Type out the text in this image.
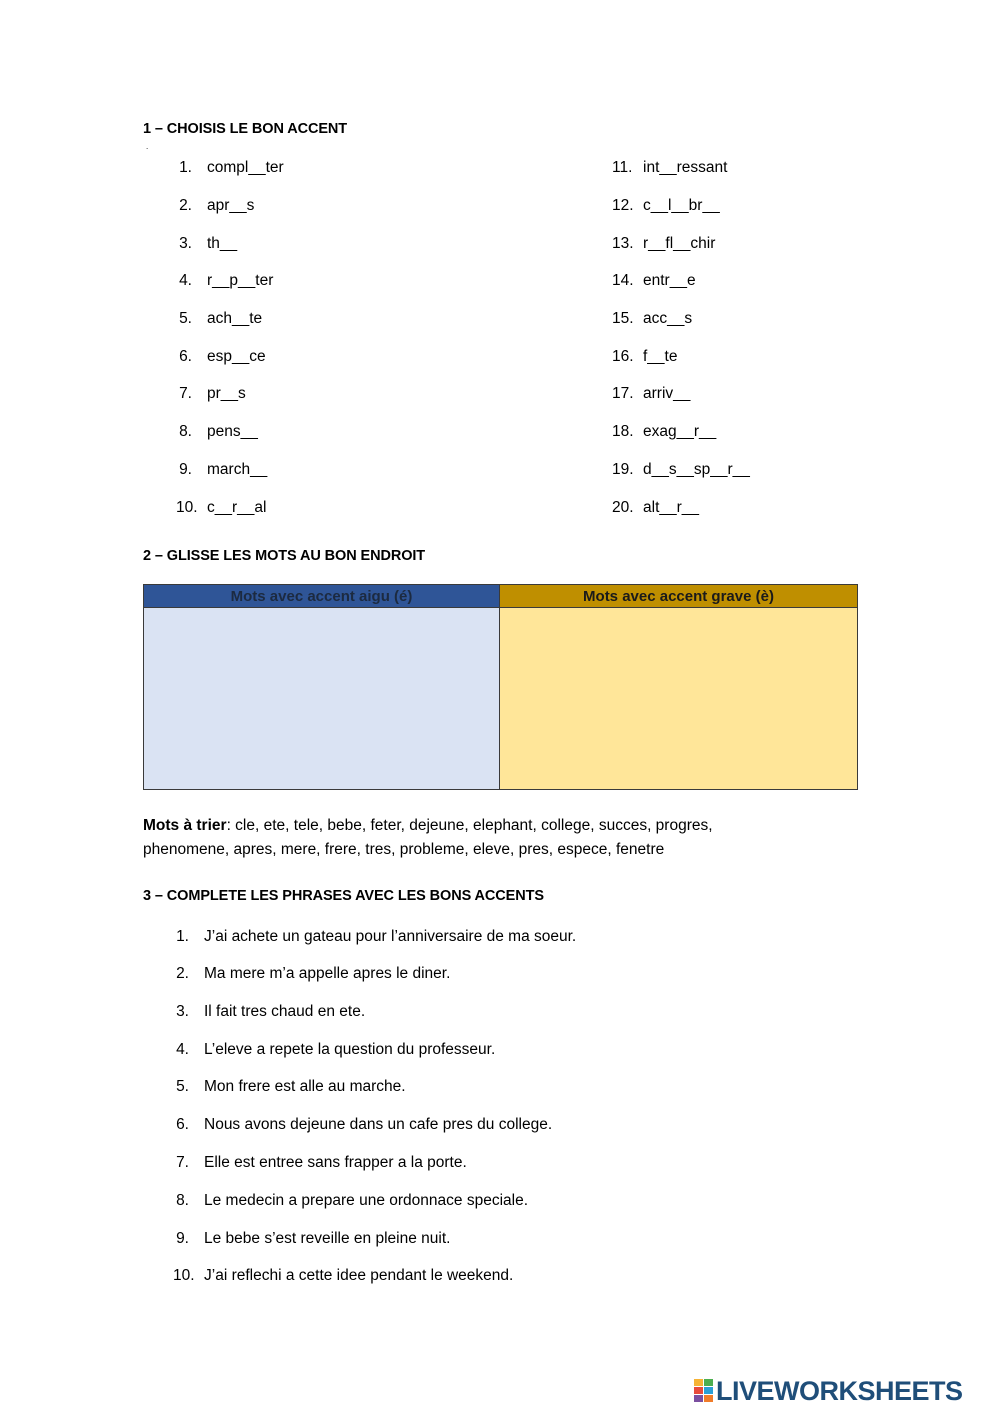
1 – CHOISIS LE BON ACCENT
.
1. compl__ter
2. apr__s
3. th__
4. r__p__ter
5. ach__te
6. esp__ce
7. pr__s
8. pens__
9. march__
10. c__r__al
11. int__ressant
12. c__l__br__
13. r__fl__chir
14. entr__e
15. acc__s
16. f__te
17. arriv__
18. exag__r__
19. d__s__sp__r__
20. alt__r__
2 – GLISSE LES MOTS AU BON ENDROIT
Mots avec accent aigu (é)	Mots avec accent grave (è)

Mots à trier: cle, ete, tele, bebe, feter, dejeune, elephant, college, succes, progres, phenomene, apres, mere, frere, tres, probleme, eleve, pres, espece, fenetre

3 – COMPLETE LES PHRASES AVEC LES BONS ACCENTS
1. J’ai achete un gateau pour l’anniversaire de ma soeur.
2. Ma mere m’a appelle apres le diner.
3. Il fait tres chaud en ete.
4. L’eleve a repete la question du professeur.
5. Mon frere est alle au marche.
6. Nous avons dejeune dans un cafe pres du college.
7. Elle est entree sans frapper a la porte.
8. Le medecin a prepare une ordonnace speciale.
9. Le bebe s’est reveille en pleine nuit.
10. J’ai reflechi a cette idee pendant le weekend.
LIVEWORKSHEETS
